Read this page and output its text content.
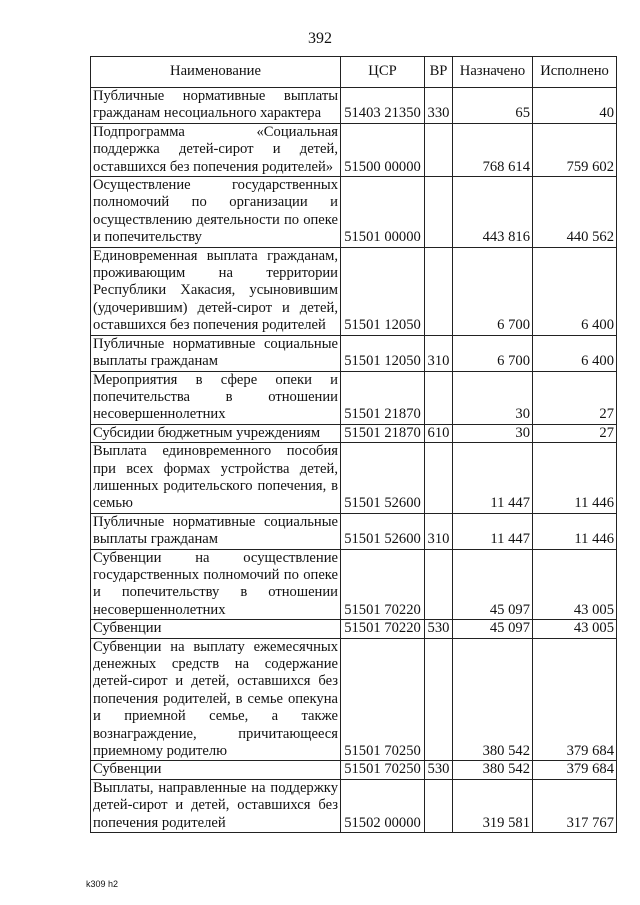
392
Наименование	ЦСР	ВР	Назначено	Исполнено
Публичные нормативные выплаты гражданам несоциального характера	51403 21350	330	65	40
Подпрограмма «Социальная поддержка детей-сирот и детей, оставшихся без попечения родителей»	51500 00000		768 614	759 602
Осуществление государственных полномочий по организации и осуществлению деятельности по опеке и попечительству	51501 00000		443 816	440 562
Единовременная выплата гражданам, проживающим на территории Республики Хакасия, усыновившим (удочерившим) детей-сирот и детей, оставшихся без попечения родителей	51501 12050		6 700	6 400
Публичные нормативные социальные выплаты гражданам	51501 12050	310	6 700	6 400
Мероприятия в сфере опеки и попечительства в отношении несовершеннолетних	51501 21870		30	27
Субсидии бюджетным учреждениям	51501 21870	610	30	27
Выплата единовременного пособия при всех формах устройства детей, лишенных родительского попечения, в семью	51501 52600		11 447	11 446
Публичные нормативные социальные выплаты гражданам	51501 52600	310	11 447	11 446
Субвенции на осуществление государственных полномочий по опеке и попечительству в отношении несовершеннолетних	51501 70220		45 097	43 005
Субвенции	51501 70220	530	45 097	43 005
Субвенции на выплату ежемесячных денежных средств на содержание детей-сирот и детей, оставшихся без попечения родителей, в семье опекуна и приемной семье, а также вознаграждение, причитающееся приемному родителю	51501 70250		380 542	379 684
Субвенции	51501 70250	530	380 542	379 684
Выплаты, направленные на поддержку детей-сирот и детей, оставшихся без попечения родителей	51502 00000		319 581	317 767
k309 h2
